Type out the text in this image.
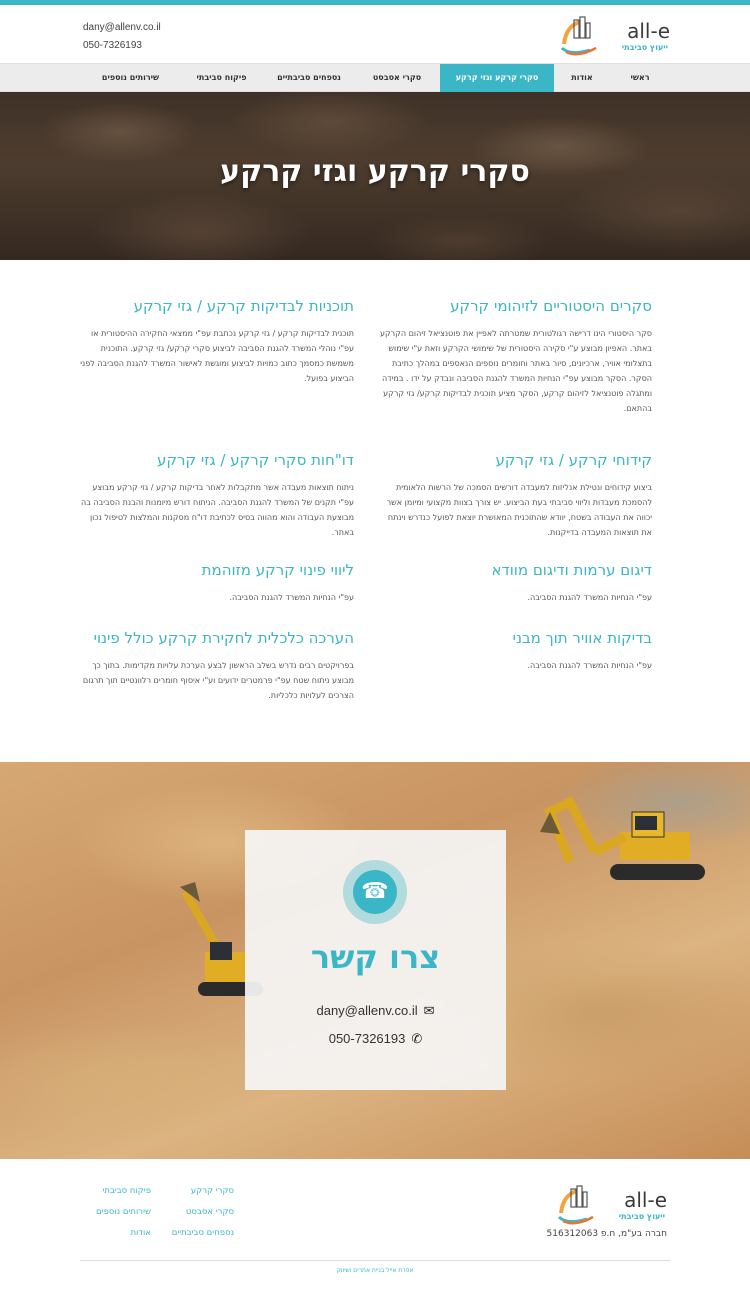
dany@allenv.co.il
050-7326193
all-e
ייעוץ סביבתי
ראשי
אודות
סקרי קרקע וגזי קרקע
סקרי אסבסט
נספחים סביבתיים
פיקוח סביבתי
שירותים נוספים
סקרי קרקע וגזי קרקע
סקרים היסטוריים לזיהומי קרקע

סקר היסטורי הינו דרישה רגולטורית שמטרתה לאפיין את פוטנציאל זיהום הקרקע באתר. האפיון מבוצע ע"י סקירה היסטורית של שימושי הקרקע וזאת ע"י שימוש בתצלומי אוויר, ארכיונים, סיור באתר וחומרים נוספים הנאספים במהלך כתיבת הסקר. הסקר מבוצע עפ"י הנחיות המשרד להגנת הסביבה ונבדק על ידו . במידה ומתגלה פוטנציאל לזיהום קרקע, הסקר מציע תוכנית לבדיקות קרקע/ גזי קרקע בהתאם.

תוכניות לבדיקות קרקע / גזי קרקע

תוכנית לבדיקות קרקע / גזי קרקע נכתבת עפ"י ממצאי החקירה ההיסטורית או עפ"י נוהלי המשרד להגנת הסביבה לביצוע סקרי קרקע/ גזי קרקע. התוכנית משמשת כמסמך כתוב כמויות לביצוע ומוגשת לאישור המשרד להגנת הסביבה לפני הביצוע בפועל.

קידוחי קרקע / גזי קרקע

ביצוע קידוחים ונטילת אנליזות למעבדה דורשים הסמכה של הרשות הלאומית להסמכת מעבדות וליווי סביבתי בעת הביצוע. יש צורך בצוות מקצועי ומיומן אשר יכווה את העבודה בשטח, יוודא שהתוכנית המאושרת יוצאת לפועל כנדרש וינתח את תוצאות המעבדה בדייקנות.

דו"חות סקרי קרקע / גזי קרקע

ניתוח תוצאות מעבדה אשר מתקבלות לאחר בדיקות קרקע / גזי קרקע מבוצע עפ"י תקנים של המשרד להגנת הסביבה. הניתוח דורש מיומנות והבנת הסביבה בה מבוצעת העבודה והוא מהווה בסיס לכתיבת דו"ח מסקנות והמלצות לטיפול נכון באתר.

דיגום ערמות ודיגום מוודא

עפ"י הנחיות המשרד להגנת הסביבה.

ליווי פינוי קרקע מזוהמת

עפ"י הנחיות המשרד להגנת הסביבה.

בדיקות אוויר תוך מבני

עפ"י הנחיות המשרד להגנת הסביבה.

הערכה כלכלית לחקירת קרקע כולל פינוי

בפרויקטים רבים נדרש בשלב הראשון לבצע הערכת עלויות מקדימות. בתוך כך מבוצע ניתוח שטח עפ"י פרמטרים ידועים וע"י איסוף חומרים רלוונטיים תוך תרגום הצרכים לעלויות כלכליות.

☎
צרו קשר
dany@allenv.co.il ✉
050-7326193 ✆
all-e
ייעוץ סביבתי
חברה בע"מ, ח.פ 516312063
סקרי קרקע
סקרי אסבסט
נספחים סביבתיים
פיקוח סביבתי
שירותים נוספים
אודות
אפרת אייל בניית אתרים ושיווק
